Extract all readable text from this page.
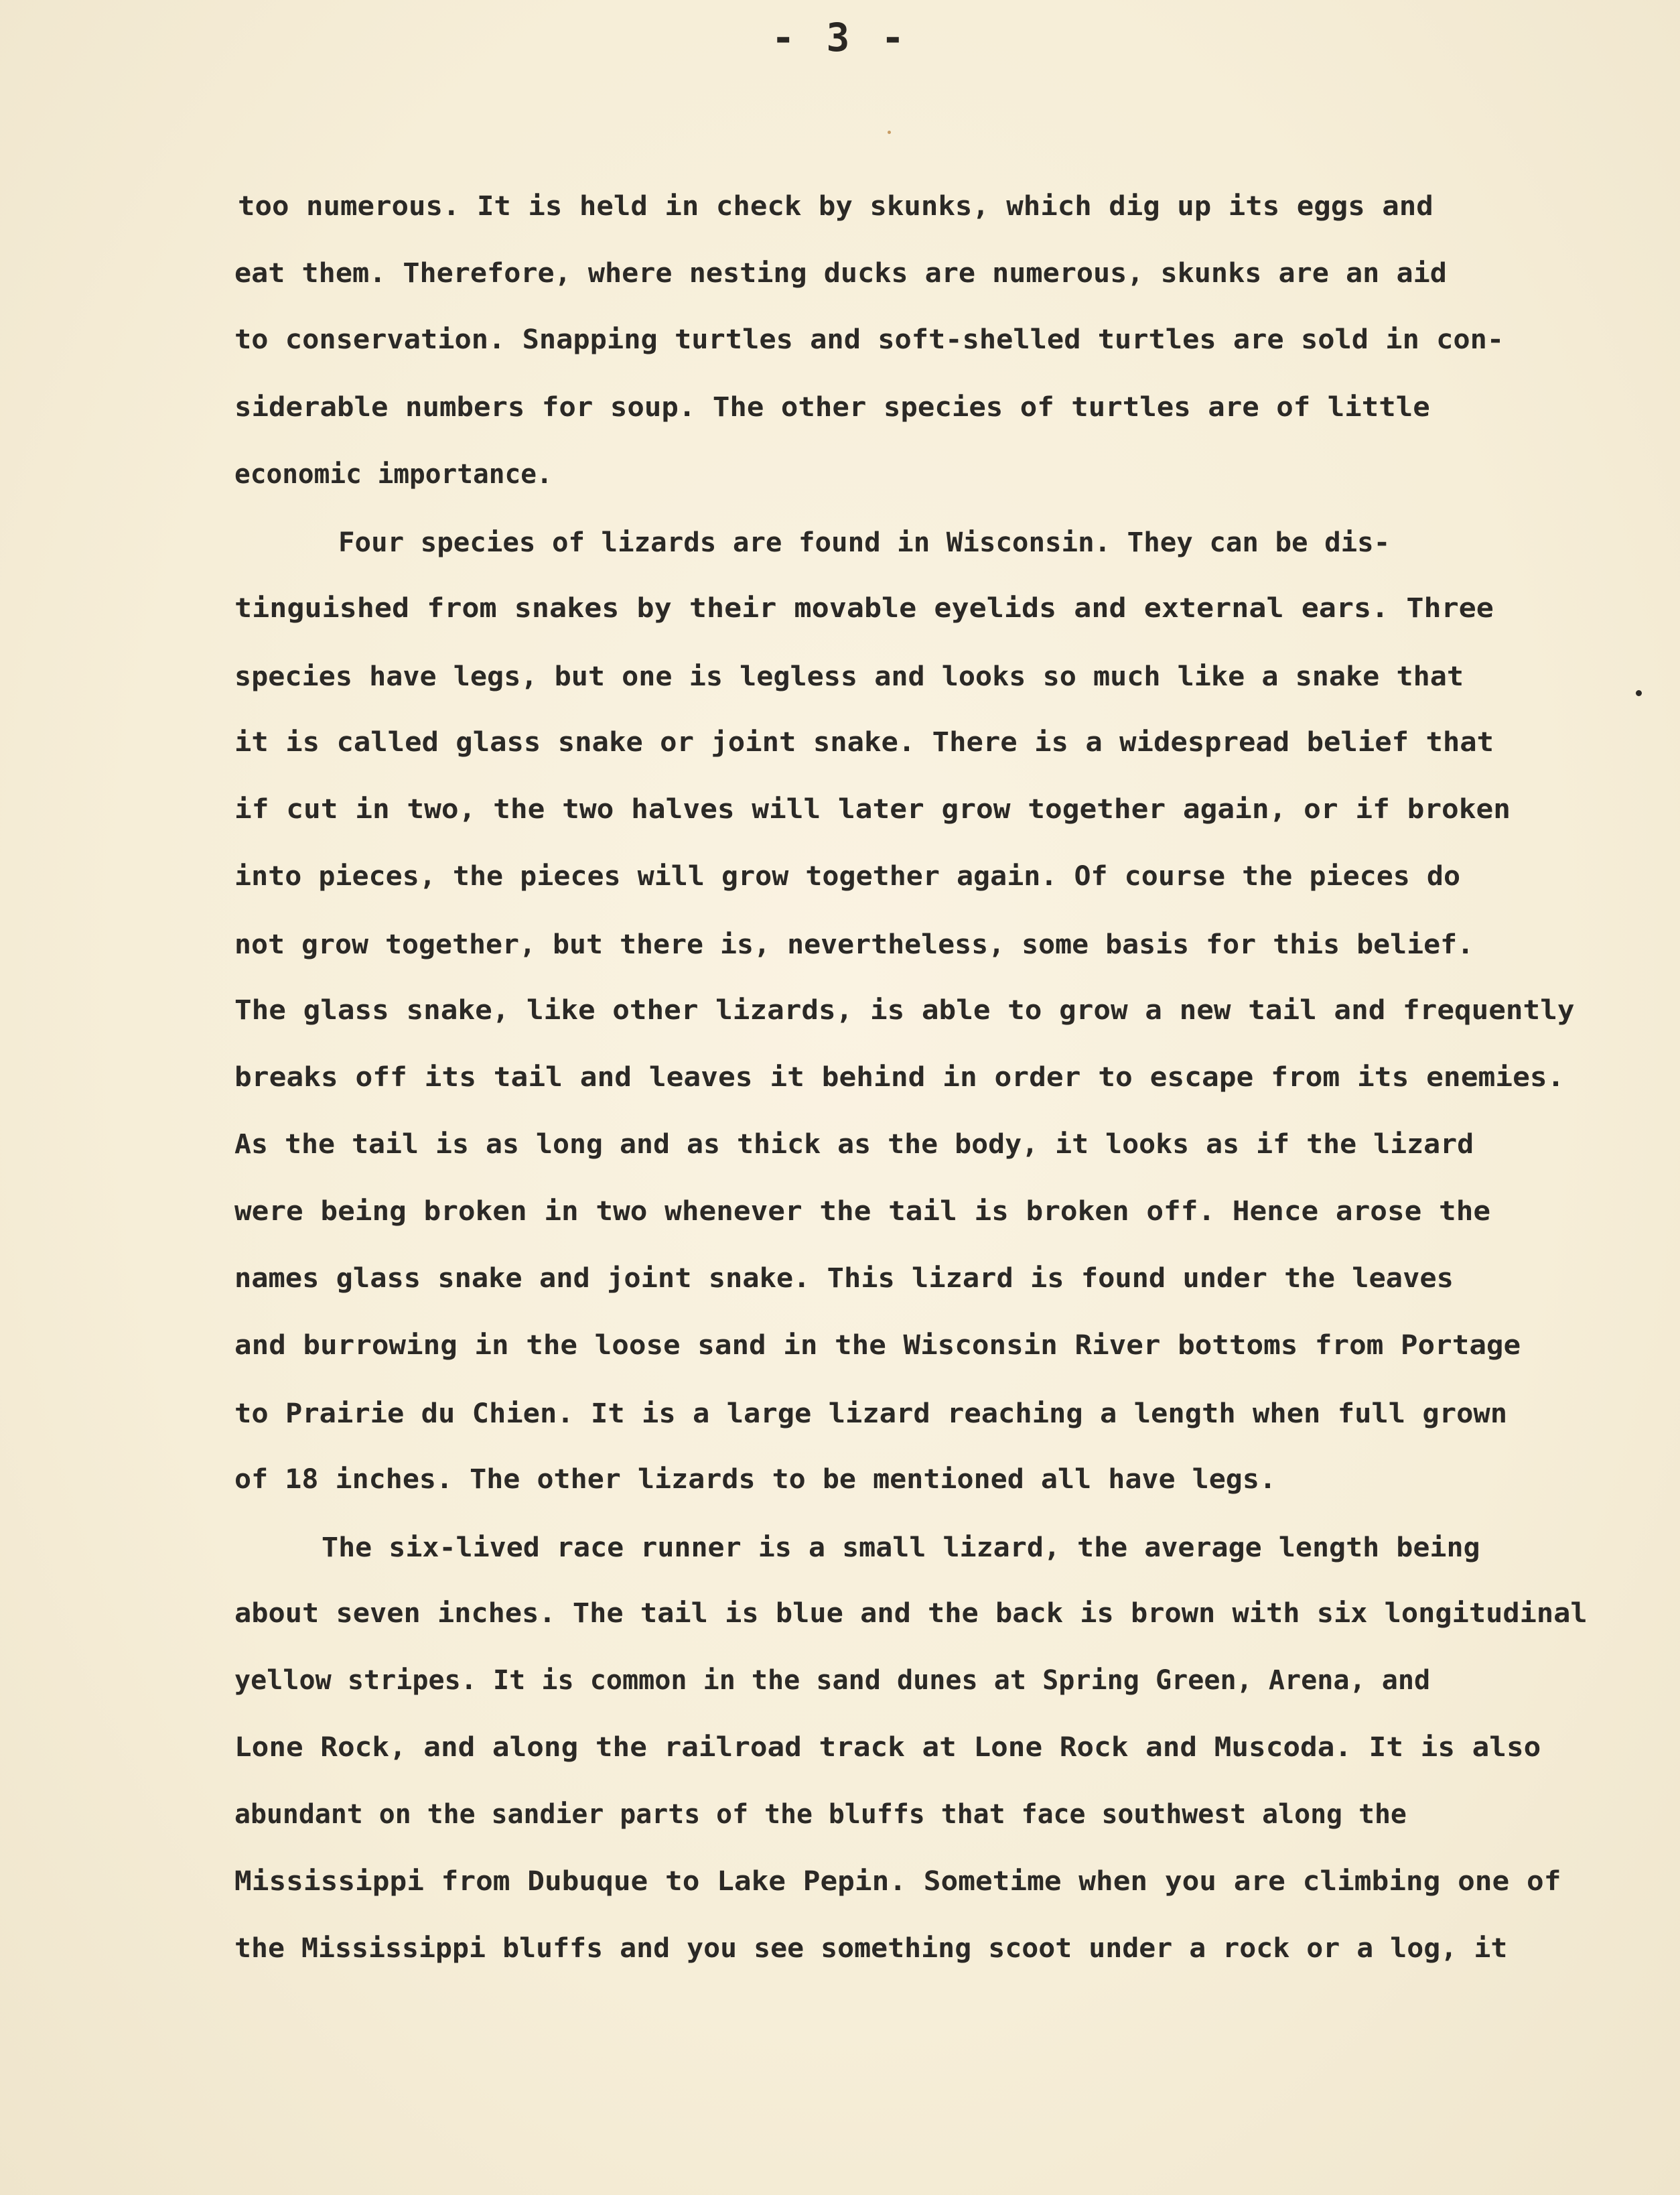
- 3 -
too numerous. It is held in check by skunks, which dig up its eggs and
eat them. Therefore, where nesting ducks are numerous, skunks are an aid
to conservation. Snapping turtles and soft-shelled turtles are sold in con-
siderable numbers for soup. The other species of turtles are of little
economic importance.
Four species of lizards are found in Wisconsin. They can be dis-
tinguished from snakes by their movable eyelids and external ears. Three
species have legs, but one is legless and looks so much like a snake that
it is called glass snake or joint snake. There is a widespread belief that
if cut in two, the two halves will later grow together again, or if broken
into pieces, the pieces will grow together again. Of course the pieces do
not grow together, but there is, nevertheless, some basis for this belief.
The glass snake, like other lizards, is able to grow a new tail and frequently
breaks off its tail and leaves it behind in order to escape from its enemies.
As the tail is as long and as thick as the body, it looks as if the lizard
were being broken in two whenever the tail is broken off. Hence arose the
names glass snake and joint snake. This lizard is found under the leaves
and burrowing in the loose sand in the Wisconsin River bottoms from Portage
to Prairie du Chien. It is a large lizard reaching a length when full grown
of 18 inches. The other lizards to be mentioned all have legs.
The six-lived race runner is a small lizard, the average length being
about seven inches. The tail is blue and the back is brown with six longitudinal
yellow stripes. It is common in the sand dunes at Spring Green, Arena, and
Lone Rock, and along the railroad track at Lone Rock and Muscoda. It is also
abundant on the sandier parts of the bluffs that face southwest along the
Mississippi from Dubuque to Lake Pepin. Sometime when you are climbing one of
the Mississippi bluffs and you see something scoot under a rock or a log, it
